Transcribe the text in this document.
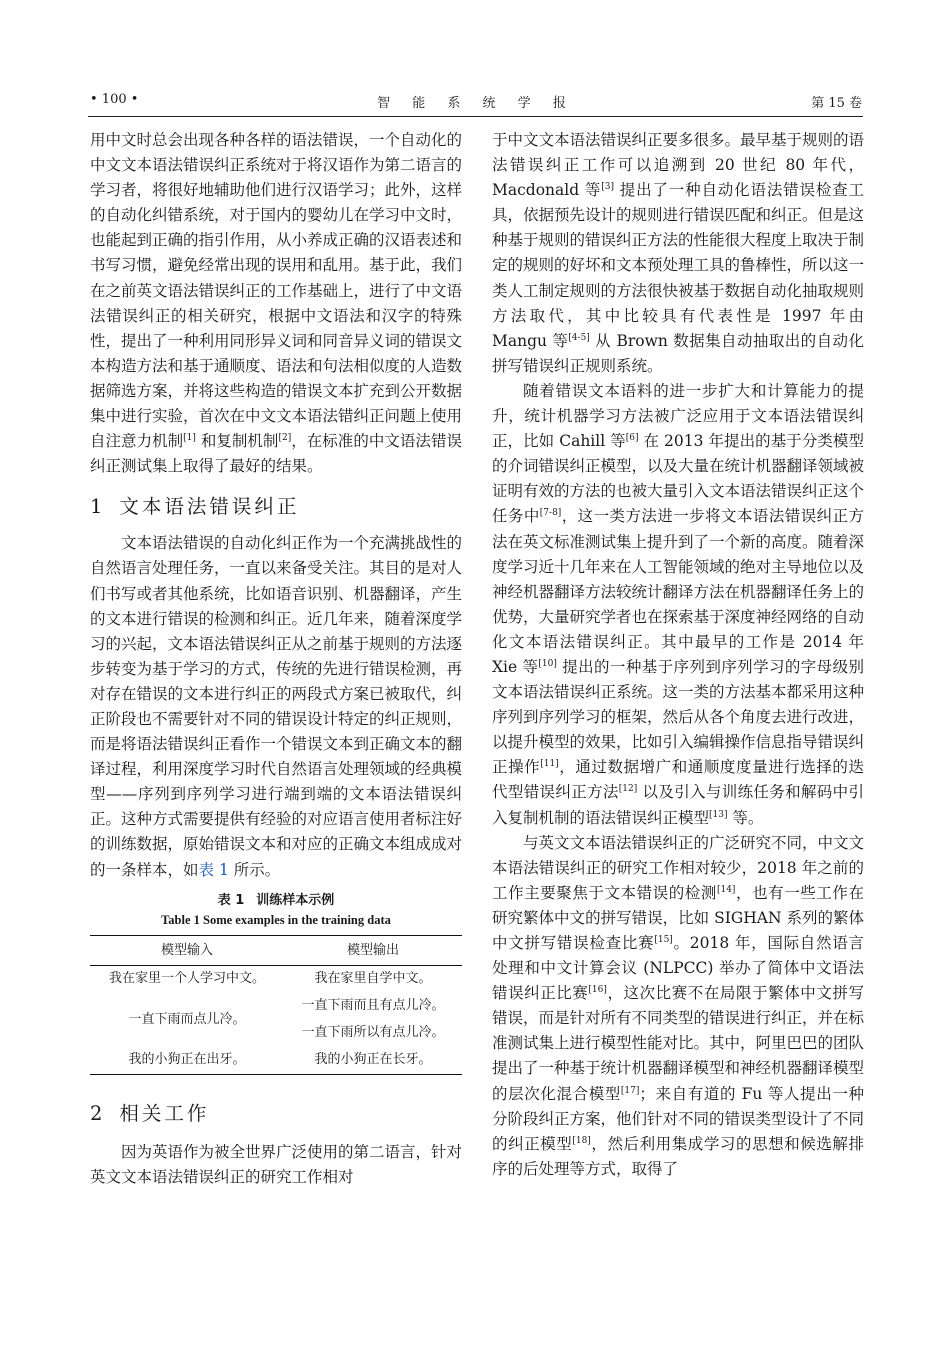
• 100 •	智 能 系 统 学 报	第 15 卷

用中文时总会出现各种各样的语法错误，一个自动化的中文文本语法错误纠正系统对于将汉语作为第二语言的学习者，将很好地辅助他们进行汉语学习；此外，这样的自动化纠错系统，对于国内的婴幼儿在学习中文时，也能起到正确的指引作用，从小养成正确的汉语表述和书写习惯，避免经常出现的误用和乱用。基于此，我们在之前英文语法错误纠正的工作基础上，进行了中文语法错误纠正的相关研究，根据中文语法和汉字的特殊性，提出了一种利用同形异义词和同音异义词的错误文本构造方法和基于通顺度、语法和句法相似度的人造数据筛选方案，并将这些构造的错误文本扩充到公开数据集中进行实验，首次在中文文本语法错纠正问题上使用自注意力机制[1] 和复制机制[2]，在标准的中文语法错误纠正测试集上取得了最好的结果。

1 文本语法错误纠正

文本语法错误的自动化纠正作为一个充满挑战性的自然语言处理任务，一直以来备受关注。其目的是对人们书写或者其他系统，比如语音识别、机器翻译，产生的文本进行错误的检测和纠正。近几年来，随着深度学习的兴起，文本语法错误纠正从之前基于规则的方法逐步转变为基于学习的方式，传统的先进行错误检测，再对存在错误的文本进行纠正的两段式方案已被取代，纠正阶段也不需要针对不同的错误设计特定的纠正规则，而是将语法错误纠正看作一个错误文本到正确文本的翻译过程，利用深度学习时代自然语言处理领域的经典模型——序列到序列学习进行端到端的文本语法错误纠正。这种方式需要提供有经验的对应语言使用者标注好的训练数据，原始错误文本和对应的正确文本组成成对的一条样本，如表 1 所示。

表 1 训练样本示例
Table 1 Some examples in the training data
模型输入	模型输出
我在家里一个人学习中文。	我在家里自学中文。
一直下雨而点儿冷。	一直下雨而且有点儿冷。
	一直下雨所以有点儿冷。
我的小狗正在出牙。	我的小狗正在长牙。
2 相关工作

因为英语作为被全世界广泛使用的第二语言，针对英文文本语法错误纠正的研究工作相对

于中文文本语法错误纠正要多很多。最早基于规则的语法错误纠正工作可以追溯到 20 世纪 80 年代，Macdonald 等[3] 提出了一种自动化语法错误检查工具，依据预先设计的规则进行错误匹配和纠正。但是这种基于规则的错误纠正方法的性能很大程度上取决于制定的规则的好坏和文本预处理工具的鲁棒性，所以这一类人工制定规则的方法很快被基于数据自动化抽取规则方法取代，其中比较具有代表性是 1997 年由 Mangu 等[4-5] 从 Brown 数据集自动抽取出的自动化拼写错误纠正规则系统。

随着错误文本语料的进一步扩大和计算能力的提升，统计机器学习方法被广泛应用于文本语法错误纠正，比如 Cahill 等[6] 在 2013 年提出的基于分类模型的介词错误纠正模型，以及大量在统计机器翻译领域被证明有效的方法的也被大量引入文本语法错误纠正这个任务中[7-8]，这一类方法进一步将文本语法错误纠正方法在英文标准测试集上提升到了一个新的高度。随着深度学习近十几年来在人工智能领域的绝对主导地位以及神经机器翻译方法较统计翻译方法在机器翻译任务上的优势，大量研究学者也在探索基于深度神经网络的自动化文本语法错误纠正。其中最早的工作是 2014 年 Xie 等[10] 提出的一种基于序列到序列学习的字母级别文本语法错误纠正系统。这一类的方法基本都采用这种序列到序列学习的框架，然后从各个角度去进行改进，以提升模型的效果，比如引入编辑操作信息指导错误纠正操作[11]，通过数据增广和通顺度度量进行选择的迭代型错误纠正方法[12] 以及引入与训练任务和解码中引入复制机制的语法错误纠正模型[13] 等。

与英文文本语法错误纠正的广泛研究不同，中文文本语法错误纠正的研究工作相对较少，2018 年之前的工作主要聚焦于文本错误的检测[14]，也有一些工作在研究繁体中文的拼写错误，比如 SIGHAN 系列的繁体中文拼写错误检查比赛[15]。2018 年，国际自然语言处理和中文计算会议 (NLPCC) 举办了简体中文语法错误纠正比赛[16]，这次比赛不在局限于繁体中文拼写错误，而是针对所有不同类型的错误进行纠正，并在标准测试集上进行模型性能对比。其中，阿里巴巴的团队提出了一种基于统计机器翻译模型和神经机器翻译模型的层次化混合模型[17]；来自有道的 Fu 等人提出一种分阶段纠正方案，他们针对不同的错误类型设计了不同的纠正模型[18]，然后利用集成学习的思想和候选解排序的后处理等方式，取得了
